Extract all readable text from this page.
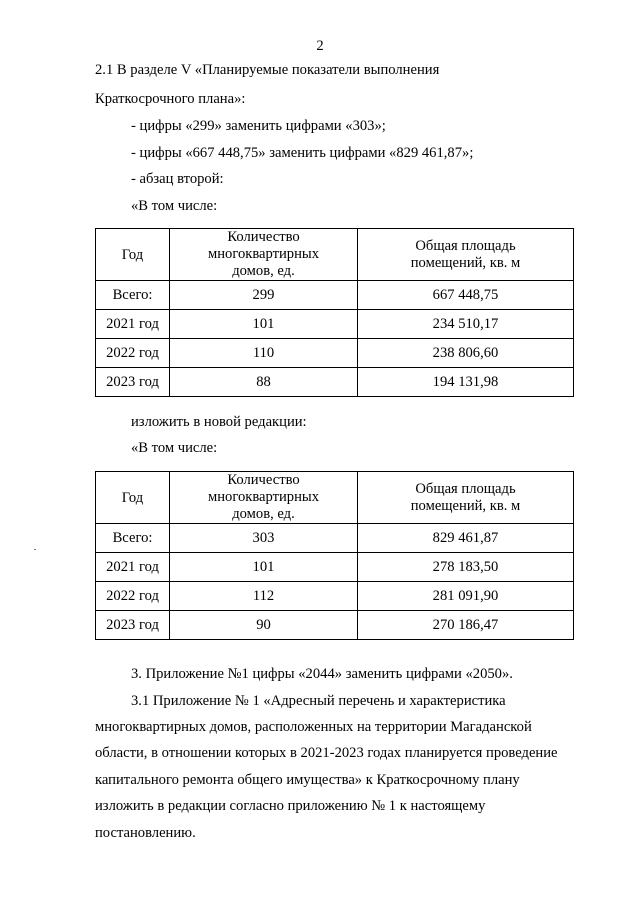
2
2.1 В разделе V «Планируемые показатели выполнения
Краткосрочного плана»:
- цифры «299» заменить цифрами «303»;
- цифры «667 448,75» заменить цифрами «829 461,87»;
- абзац второй:
«В том числе:
Год	Количество многоквартирных домов, ед.	Общая площадь помещений, кв. м

Всего:	299	667 448,75
2021 год	101	234 510,17
2022 год	110	238 806,60
2023 год	88	194 131,98
изложить в новой редакции:
«В том числе:
Год	Количество многоквартирных домов, ед.	Общая площадь помещений, кв. м

Всего:	303	829 461,87
2021 год	101	278 183,50
2022 год	112	281 091,90
2023 год	90	270 186,47
3. Приложение №1 цифры «2044» заменить цифрами «2050».
3.1 Приложение № 1 «Адресный перечень и характеристика
многоквартирных домов, расположенных на территории Магаданской
области, в отношении которых в 2021-2023 годах планируется проведение
капитального ремонта общего имущества» к Краткосрочному плану
изложить в редакции согласно приложению № 1 к настоящему
постановлению.
